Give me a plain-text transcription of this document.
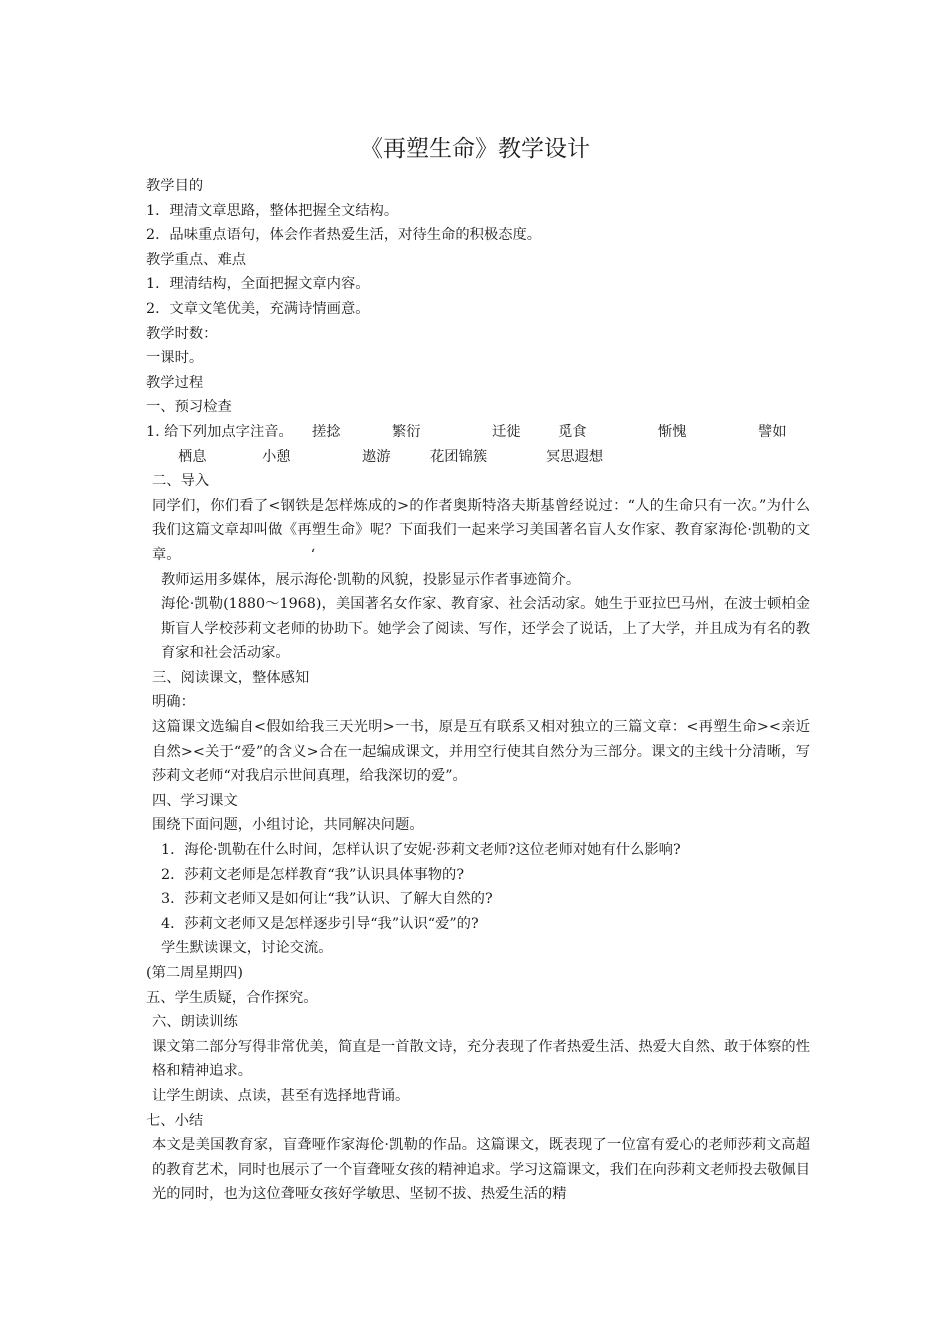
《再塑生命》教学设计

教学目的

1．理清文章思路，整体把握全文结构。

2．品味重点语句，体会作者热爱生活，对待生命的积极态度。

教学重点、难点

1．理清结构，全面把握文章内容。

2．文章文笔优美，充满诗情画意。

教学时数：

一课时。

教学过程

一、预习检查

1. 给下列加点字注音。	搓捻	繁衍	迁徙	觅食	惭愧	譬如
栖息	小憩	遨游	花团锦簇	冥思遐想

二、导入

同学们，你们看了<钢铁是怎样炼成的>的作者奥斯特洛夫斯基曾经说过：“人的生命只有一次。”为什么我们这篇文章却叫做《再塑生命》呢？下面我们一起来学习美国著名盲人女作家、教育家海伦·凯勒的文章。	‘

教师运用多媒体，展示海伦·凯勒的风貌，投影显示作者事迹简介。

海伦·凯勒(1880～1968)，美国著名女作家、教育家、社会活动家。她生于亚拉巴马州，在波士顿柏金斯盲人学校莎莉文老师的协助下。她学会了阅读、写作，还学会了说话，上了大学，并且成为有名的教育家和社会活动家。

三、阅读课文，整体感知

明确：

这篇课文选编自<假如给我三天光明>一书，原是互有联系又相对独立的三篇文章：<再塑生命><亲近自然><关于“爱”的含义>合在一起编成课文，并用空行使其自然分为三部分。课文的主线十分清晰，写莎莉文老师“对我启示世间真理，给我深切的爱”。

四、学习课文

围绕下面问题，小组讨论，共同解决问题。

1．海伦·凯勒在什么时间，怎样认识了安妮·莎莉文老师?这位老师对她有什么影响?

2．莎莉文老师是怎样教育“我”认识具体事物的?

3．莎莉文老师又是如何让“我”认识、了解大自然的?

4．莎莉文老师又是怎样逐步引导“我”认识“爱”的?

学生默读课文，讨论交流。

(第二周星期四)

五、学生质疑，合作探究。

六、朗读训练

课文第二部分写得非常优美，简直是一首散文诗，充分表现了作者热爱生活、热爱大自然、敢于体察的性格和精神追求。

让学生朗读、点读，甚至有选择地背诵。

七、小结

本文是美国教育家，盲聋哑作家海伦·凯勒的作品。这篇课文，既表现了一位富有爱心的老师莎莉文高超的教育艺术，同时也展示了一个盲聋哑女孩的精神追求。学习这篇课文，我们在向莎莉文老师投去敬佩目光的同时，也为这位聋哑女孩好学敏思、坚韧不拔、热爱生活的精
